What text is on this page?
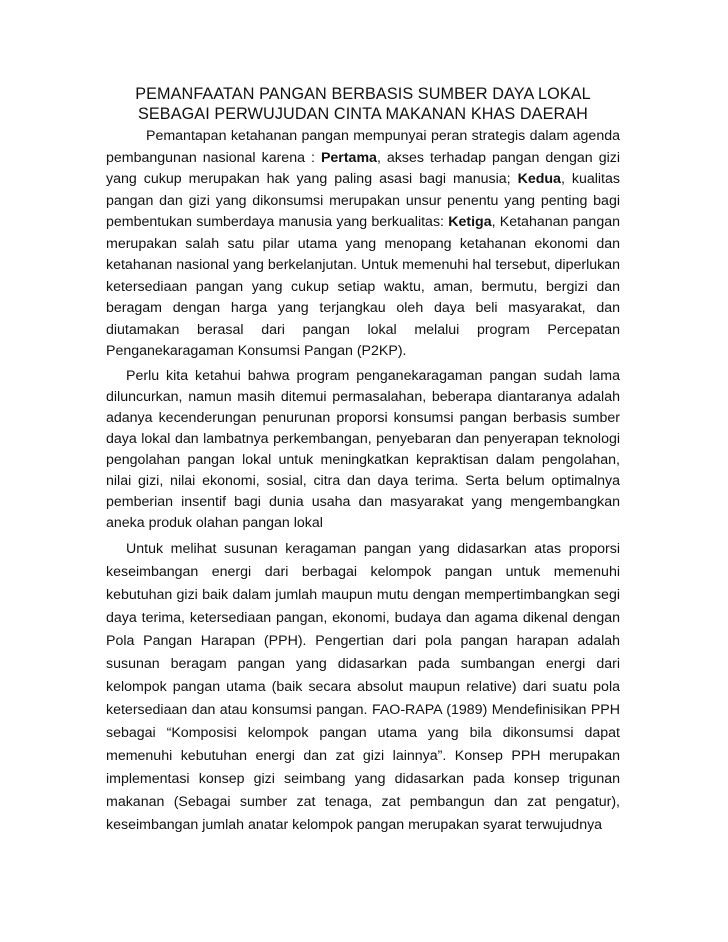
PEMANFAATAN PANGAN BERBASIS SUMBER DAYA LOKAL
SEBAGAI PERWUJUDAN CINTA MAKANAN KHAS DAERAH

Pemantapan ketahanan pangan mempunyai peran strategis dalam agenda pembangunan nasional karena : Pertama, akses terhadap pangan dengan gizi yang cukup merupakan hak yang paling asasi bagi manusia; Kedua, kualitas pangan dan gizi yang dikonsumsi merupakan unsur penentu yang penting bagi pembentukan sumberdaya manusia yang berkualitas: Ketiga, Ketahanan pangan merupakan salah satu pilar utama yang menopang ketahanan ekonomi dan ketahanan nasional yang berkelanjutan. Untuk memenuhi hal tersebut, diperlukan ketersediaan pangan yang cukup setiap waktu, aman, bermutu, bergizi dan beragam dengan harga yang terjangkau oleh daya beli masyarakat, dan diutamakan berasal dari pangan lokal melalui program Percepatan Penganekaragaman Konsumsi Pangan (P2KP).

Perlu kita ketahui bahwa program penganekaragaman pangan sudah lama diluncurkan, namun masih ditemui permasalahan, beberapa diantaranya adalah adanya kecenderungan penurunan proporsi konsumsi pangan berbasis sumber daya lokal dan lambatnya perkembangan, penyebaran dan penyerapan teknologi pengolahan pangan lokal untuk meningkatkan kepraktisan dalam pengolahan, nilai gizi, nilai ekonomi, sosial, citra dan daya terima. Serta belum optimalnya pemberian insentif bagi dunia usaha dan masyarakat yang mengembangkan aneka produk olahan pangan lokal

Untuk melihat susunan keragaman pangan yang didasarkan atas proporsi keseimbangan energi dari berbagai kelompok pangan untuk memenuhi kebutuhan gizi baik dalam jumlah maupun mutu dengan mempertimbangkan segi daya terima, ketersediaan pangan, ekonomi, budaya dan agama dikenal dengan Pola Pangan Harapan (PPH). Pengertian dari pola pangan harapan adalah susunan beragam pangan yang didasarkan pada sumbangan energi dari kelompok pangan utama (baik secara absolut maupun relative) dari suatu pola ketersediaan dan atau konsumsi pangan. FAO-RAPA (1989) Mendefinisikan PPH sebagai “Komposisi kelompok pangan utama yang bila dikonsumsi dapat memenuhi kebutuhan energi dan zat gizi lainnya”. Konsep PPH merupakan implementasi konsep gizi seimbang yang didasarkan pada konsep trigunan makanan (Sebagai sumber zat tenaga, zat pembangun dan zat pengatur), keseimbangan jumlah anatar kelompok pangan merupakan syarat terwujudnya
